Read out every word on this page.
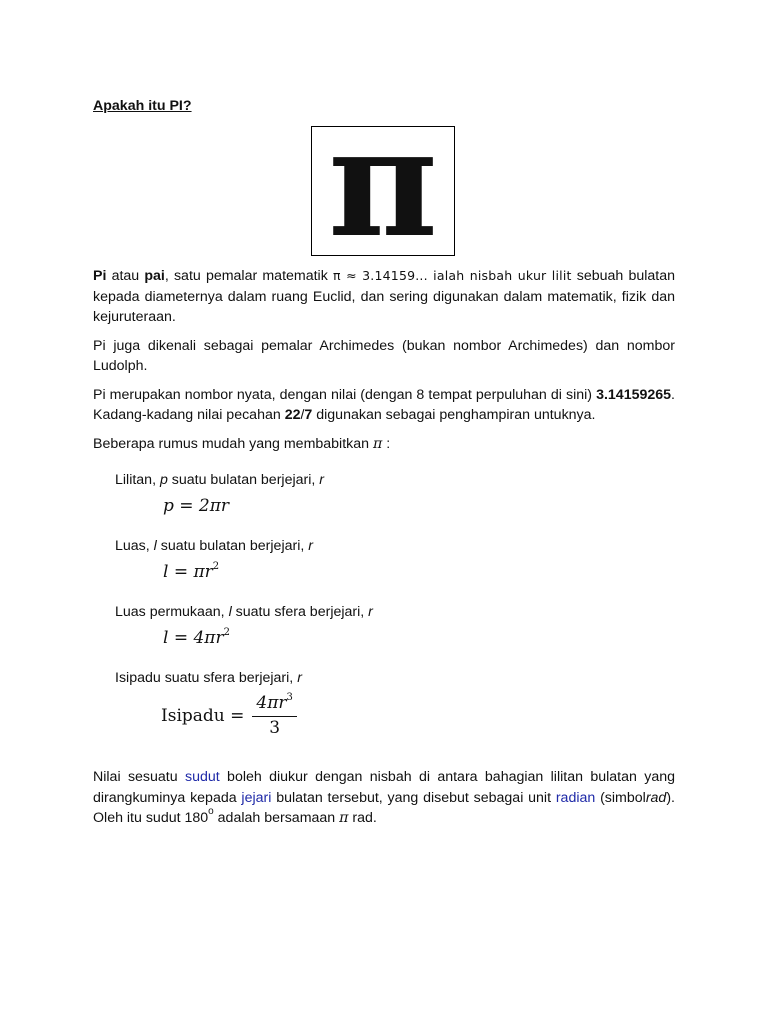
Apakah itu PI? π

Pi atau pai, satu pemalar matematik π ≈ 3.14159... ialah nisbah ukur lilit sebuah bulatan kepada diameternya dalam ruang Euclid, dan sering digunakan dalam matematik, fizik dan kejuruteraan.

Pi juga dikenali sebagai pemalar Archimedes (bukan nombor Archimedes) dan nombor Ludolph.

Pi merupakan nombor nyata, dengan nilai (dengan 8 tempat perpuluhan di sini) 3.14159265. Kadang-kadang nilai pecahan 22/7 digunakan sebagai penghampiran untuknya.

Beberapa rumus mudah yang membabitkan π :

Lilitan, p suatu bulatan berjejari, r
p = 2πr
Luas, l suatu bulatan berjejari, r
$l = \pi r^2$
Luas permukaan, l suatu sfera berjejari, r
$l = 4\pi r^2$
Isipadu suatu sfera berjejari, r
Isipadu = $\frac{4\pi r^3}{3}$

Nilai sesuatu sudut boleh diukur dengan nisbah di antara bahagian lilitan bulatan yang dirangkuminya kepada jejari bulatan tersebut, yang disebut sebagai unit radian (simbolrad). Oleh itu sudut 180$^o$ adalah bersamaan π rad.
